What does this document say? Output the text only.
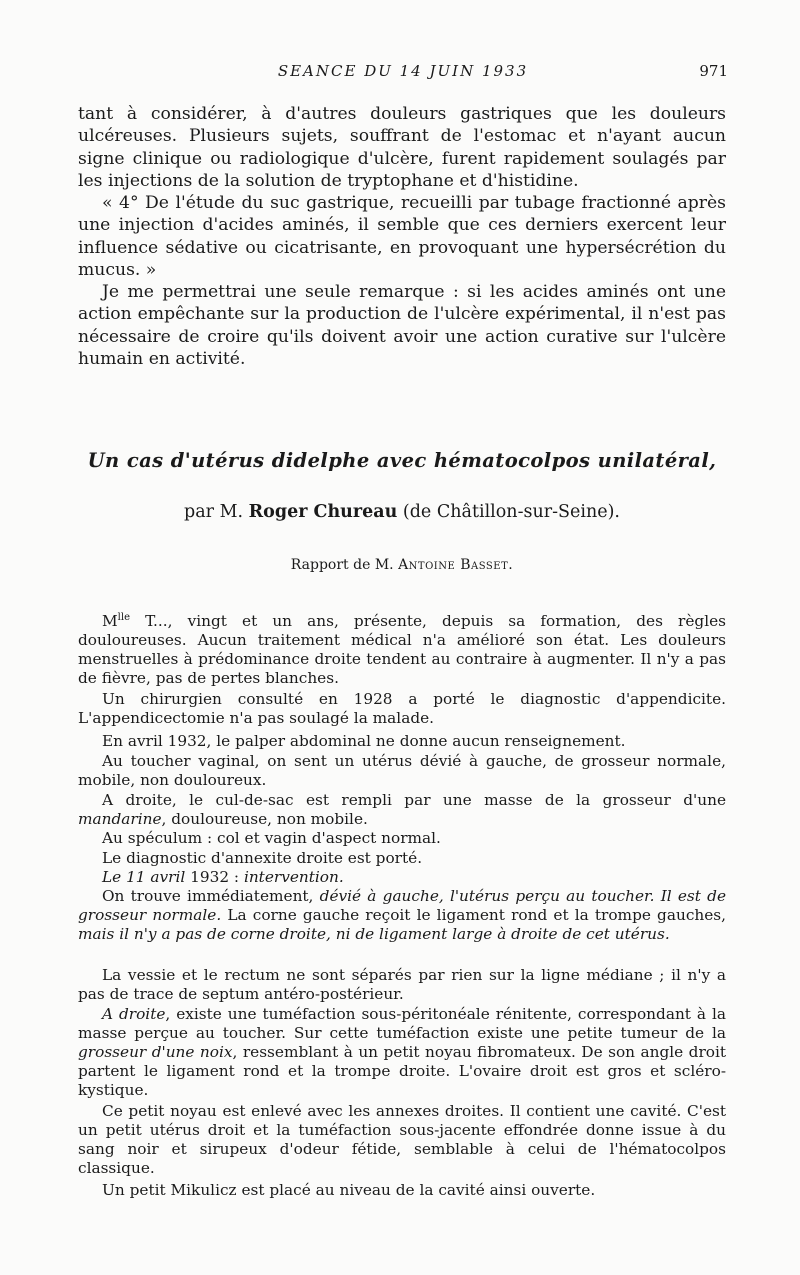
SEANCE DU 14 JUIN 1933	971

tant à considérer, à d'autres douleurs gastriques que les douleurs ulcéreuses. Plusieurs sujets, souffrant de l'estomac et n'ayant aucun signe clinique ou radiologique d'ulcère, furent rapidement soulagés par les injections de la solution de tryptophane et d'histidine.

« 4° De l'étude du suc gastrique, recueilli par tubage fractionné après une injection d'acides aminés, il semble que ces derniers exercent leur influence sédative ou cicatrisante, en provoquant une hypersécrétion du mucus. »

Je me permettrai une seule remarque : si les acides aminés ont une action empêchante sur la production de l'ulcère expérimental, il n'est pas nécessaire de croire qu'ils doivent avoir une action curative sur l'ulcère humain en activité.

Un cas d'utérus didelphe avec hématocolpos unilatéral,

par M. Roger Chureau (de Châtillon-sur-Seine).

Rapport de M. Antoine Basset.

$M^{lle}$ T..., vingt et un ans, présente, depuis sa formation, des règles douloureuses. Aucun traitement médical n'a amélioré son état. Les douleurs menstruelles à prédominance droite tendent au contraire à augmenter. Il n'y a pas de fièvre, pas de pertes blanches.

Un chirurgien consulté en 1928 a porté le diagnostic d'appendicite. L'appendicectomie n'a pas soulagé la malade.

En avril 1932, le palper abdominal ne donne aucun renseignement.

Au toucher vaginal, on sent un utérus dévié à gauche, de grosseur normale, mobile, non douloureux.

A droite, le cul-de-sac est rempli par une masse de la grosseur d'une mandarine, douloureuse, non mobile.

Au spéculum : col et vagin d'aspect normal.

Le diagnostic d'annexite droite est porté.

Le 11 avril 1932 : intervention.

On trouve immédiatement, dévié à gauche, l'utérus perçu au toucher. Il est de grosseur normale. La corne gauche reçoit le ligament rond et la trompe gauches, mais il n'y a pas de corne droite, ni de ligament large à droite de cet utérus.

La vessie et le rectum ne sont séparés par rien sur la ligne médiane ; il n'y a pas de trace de septum antéro-postérieur.

A droite, existe une tuméfaction sous-péritonéale rénitente, correspondant à la masse perçue au toucher. Sur cette tuméfaction existe une petite tumeur de la grosseur d'une noix, ressemblant à un petit noyau fibromateux. De son angle droit partent le ligament rond et la trompe droite. L'ovaire droit est gros et scléro-kystique.

Ce petit noyau est enlevé avec les annexes droites. Il contient une cavité. C'est un petit utérus droit et la tuméfaction sous-jacente effondrée donne issue à du sang noir et sirupeux d'odeur fétide, semblable à celui de l'hématocolpos classique.

Un petit Mikulicz est placé au niveau de la cavité ainsi ouverte.
